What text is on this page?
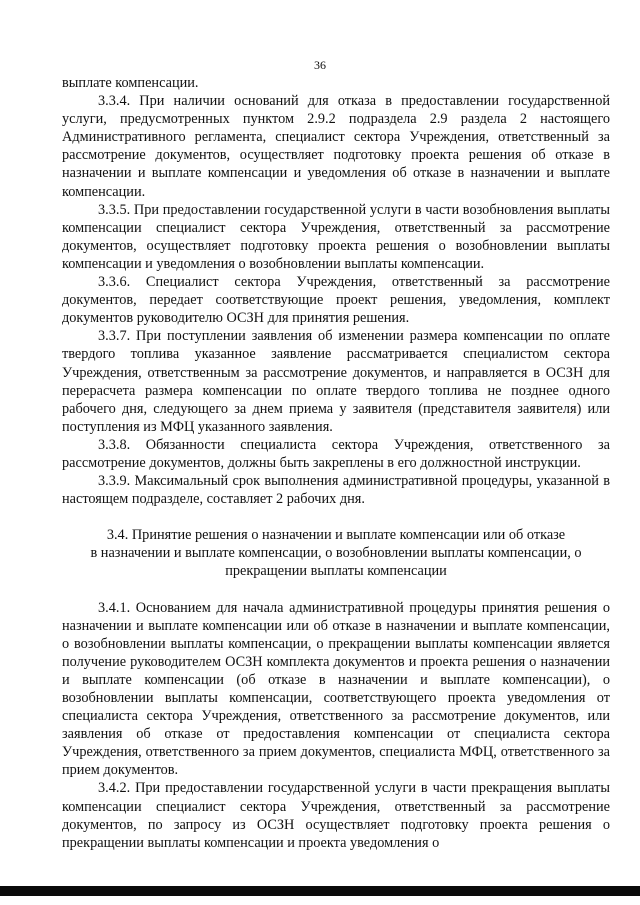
36

выплате компенсации.

3.3.4. При наличии оснований для отказа в предоставлении государственной услуги, предусмотренных пунктом 2.9.2 подраздела 2.9 раздела 2 настоящего Административного регламента, специалист сектора Учреждения, ответственный за рассмотрение документов, осуществляет подготовку проекта решения об отказе в назначении и выплате компенсации и уведомления об отказе в назначении и выплате компенсации.

3.3.5. При предоставлении государственной услуги в части возобновления выплаты компенсации специалист сектора Учреждения, ответственный за рассмотрение документов, осуществляет подготовку проекта решения о возобновлении выплаты компенсации и уведомления о возобновлении выплаты компенсации.

3.3.6. Специалист сектора Учреждения, ответственный за рассмотрение документов, передает соответствующие проект решения, уведомления, комплект документов руководителю ОСЗН для принятия решения.

3.3.7. При поступлении заявления об изменении размера компенсации по оплате твердого топлива указанное заявление рассматривается специалистом сектора Учреждения, ответственным за рассмотрение документов, и направляется в ОСЗН для перерасчета размера компенсации по оплате твердого топлива не позднее одного рабочего дня, следующего за днем приема у заявителя (представителя заявителя) или поступления из МФЦ указанного заявления.

3.3.8. Обязанности специалиста сектора Учреждения, ответственного за рассмотрение документов, должны быть закреплены в его должностной инструкции.

3.3.9. Максимальный срок выполнения административной процедуры, указанной в настоящем подразделе, составляет 2 рабочих дня.

3.4. Принятие решения о назначении и выплате компенсации или об отказе
в назначении и выплате компенсации, о возобновлении выплаты компенсации, о
прекращении выплаты компенсации

3.4.1. Основанием для начала административной процедуры принятия решения о назначении и выплате компенсации или об отказе в назначении и выплате компенсации, о возобновлении выплаты компенсации, о прекращении выплаты компенсации является получение руководителем ОСЗН комплекта документов и проекта решения о назначении и выплате компенсации (об отказе в назначении и выплате компенсации), о возобновлении выплаты компенсации, соответствующего проекта уведомления от специалиста сектора Учреждения, ответственного за рассмотрение документов, или заявления об отказе от предоставления компенсации от специалиста сектора Учреждения, ответственного за прием документов, специалиста МФЦ, ответственного за прием документов.

3.4.2. При предоставлении государственной услуги в части прекращения выплаты компенсации специалист сектора Учреждения, ответственный за рассмотрение документов, по запросу из ОСЗН осуществляет подготовку проекта решения о прекращении выплаты компенсации и проекта уведомления о
